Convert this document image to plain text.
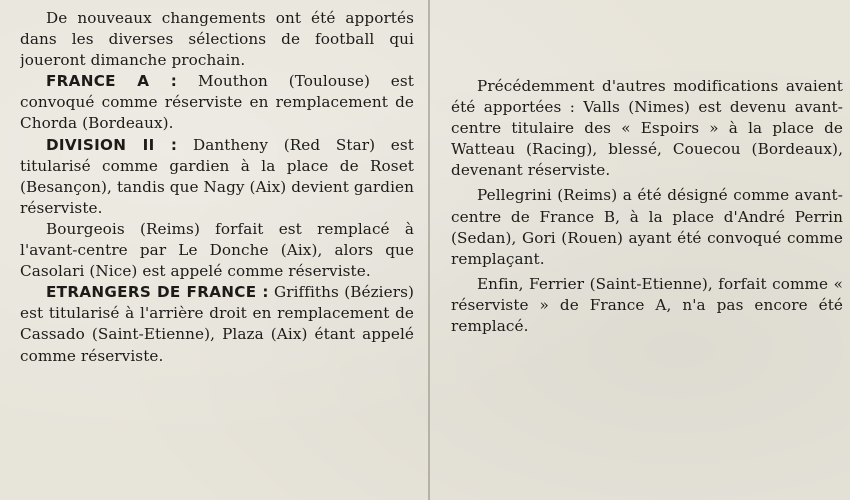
De nouveaux changements ont été apportés dans les diverses sélections de football qui joueront dimanche prochain.

FRANCE A : Mouthon (Toulouse) est convoqué comme réserviste en remplacement de Chorda (Bordeaux).

DIVISION II : Dantheny (Red Star) est titularisé comme gardien à la place de Roset (Besançon), tandis que Nagy (Aix) devient gardien réserviste.

Bourgeois (Reims) forfait est remplacé à l'avant-centre par Le Donche (Aix), alors que Casolari (Nice) est appelé comme réserviste.

ETRANGERS DE FRANCE : Griffiths (Béziers) est titularisé à l'arrière droit en remplacement de Cassado (Saint-Etienne), Plaza (Aix) étant appelé comme réserviste.

Précédemment d'autres modifications avaient été apportées : Valls (Nimes) est devenu avant-centre titulaire des « Espoirs » à la place de Watteau (Racing), blessé, Couecou (Bordeaux), devenant réserviste.

Pellegrini (Reims) a été désigné comme avant-centre de France B, à la place d'André Perrin (Sedan), Gori (Rouen) ayant été convoqué comme remplaçant.

Enfin, Ferrier (Saint-Etienne), forfait comme « réserviste » de France A, n'a pas encore été remplacé.
